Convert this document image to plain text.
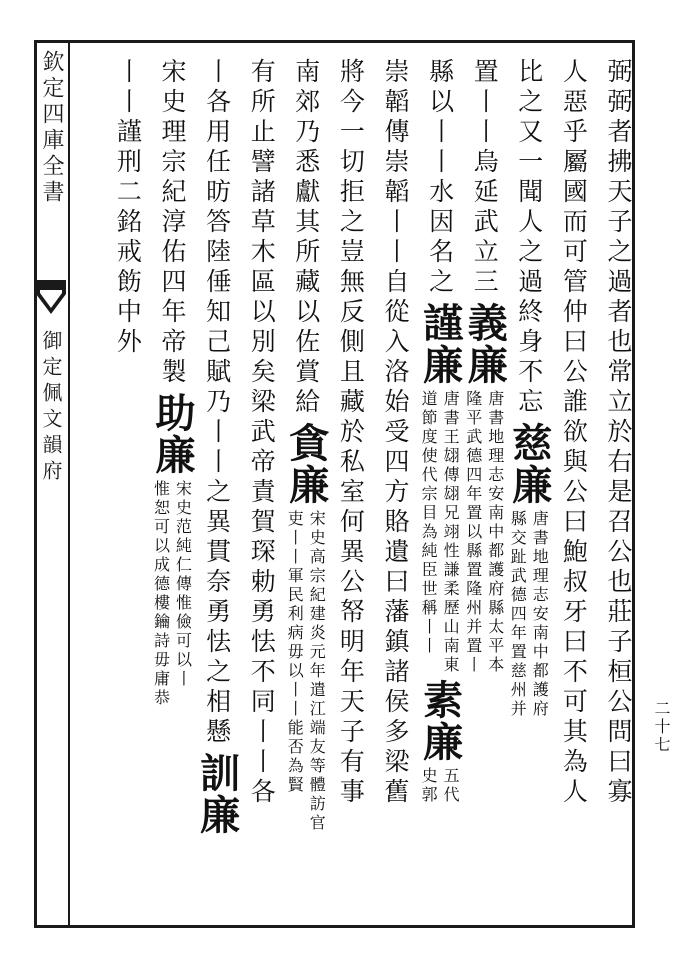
欽定四庫全書
御定佩文韻府	弼弼者拂天子之過者也常立於右是召公也莊子桓公問曰寡
人惡乎屬國而可管仲曰公誰欲與公曰鮑叔牙曰不可其為人
比之又一聞人之過終身不忘
慈廉
唐書地理志安南中都護府
縣交趾武德四年置慈州并
置丨丨烏延武立三
義廉
唐書地理志安南中都護府縣太平本
隆平武德四年置以縣置隆州并置丨
縣以丨丨水因名之
謹廉
唐書王翃傳翃兄翊性謙柔歷山南東
道節度使代宗目為純臣世稱丨丨
素廉
五代
史郭
崇韜傳崇韜丨丨自從入洛始受四方賂遺曰藩鎮諸侯多梁舊
將今一切拒之豈無反側且藏於私室何異公帑明年天子有事
南郊乃悉獻其所藏以佐賞給
貪廉
宋史高宗紀建炎元年遣江端友等體訪官
吏丨丨軍民利病毋以丨丨能否為賢
有所止譬諸草木區以別矣梁武帝責賀琛勅勇怯不同丨丨各
丨各用任昉答陸倕知己賦乃丨丨之異貫奈勇怯之相懸
訓廉
宋史理宗紀淳佑四年帝製
助廉
宋史范純仁傳惟儉可以丨
惟恕可以成德樓鑰詩毋庸恭
丨丨謹刑二銘戒飭中外
二十七
